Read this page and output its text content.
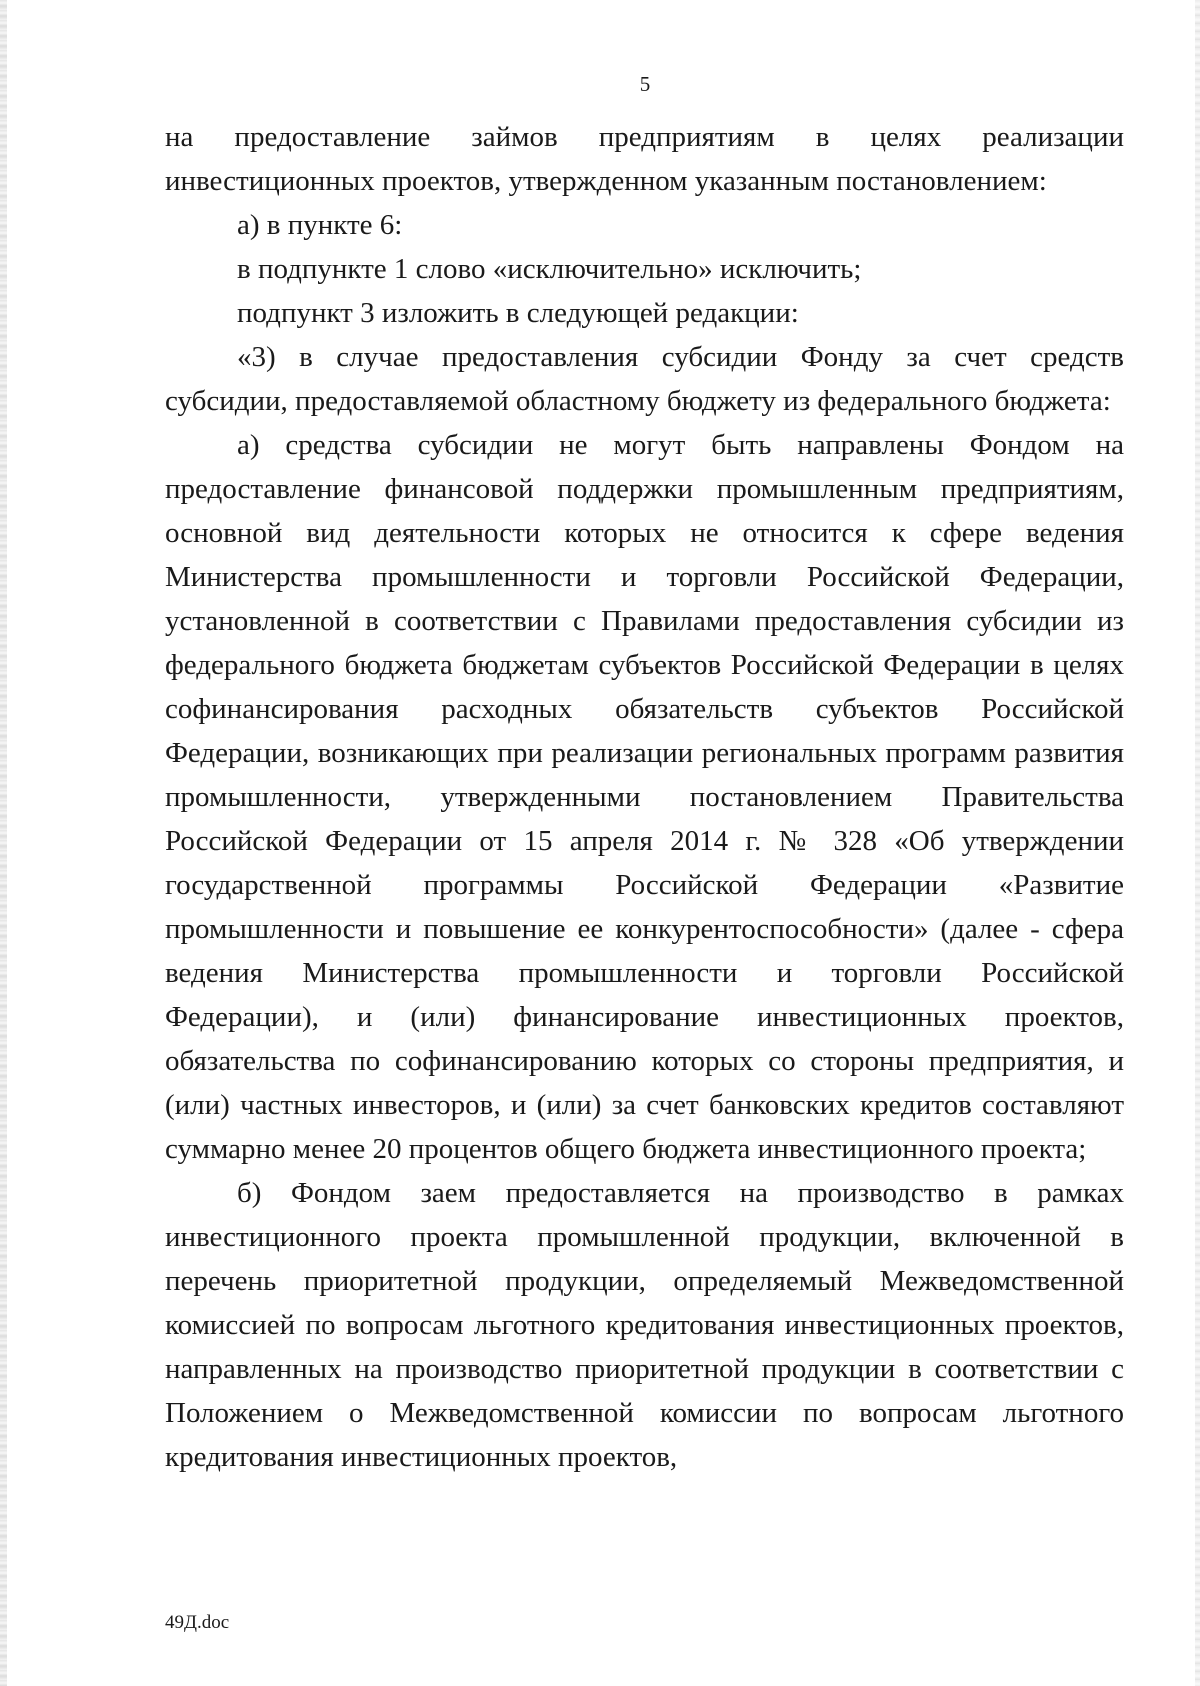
5

на предоставление займов предприятиям в целях реализации инвестиционных проектов, утвержденном указанным постановлением:

а) в пункте 6:

в подпункте 1 слово «исключительно» исключить;

подпункт 3 изложить в следующей редакции:

«3) в случае предоставления субсидии Фонду за счет средств субсидии, предоставляемой областному бюджету из федерального бюджета:

а) средства субсидии не могут быть направлены Фондом на предоставление финансовой поддержки промышленным предприятиям, основной вид деятельности которых не относится к сфере ведения Министерства промышленности и торговли Российской Федерации, установленной в соответствии с Правилами предоставления субсидии из федерального бюджета бюджетам субъектов Российской Федерации в целях софинансирования расходных обязательств субъектов Российской Федерации, возникающих при реализации региональных программ развития промышленности, утвержденными постановлением Правительства Российской Федерации от 15 апреля 2014 г. № 328 «Об утверждении государственной программы Российской Федерации «Развитие промышленности и повышение ее конкурентоспособности» (далее - сфера ведения Министерства промышленности и торговли Российской Федерации), и (или) финансирование инвестиционных проектов, обязательства по софинансированию которых со стороны предприятия, и (или) частных инвесторов, и (или) за счет банковских кредитов составляют суммарно менее 20 процентов общего бюджета инвестиционного проекта;

б) Фондом заем предоставляется на производство в рамках инвестиционного проекта промышленной продукции, включенной в перечень приоритетной продукции, определяемый Межведомственной комиссией по вопросам льготного кредитования инвестиционных проектов, направленных на производство приоритетной продукции в соответствии с Положением о Межведомственной комиссии по вопросам льготного кредитования инвестиционных проектов,

49Д.doc
